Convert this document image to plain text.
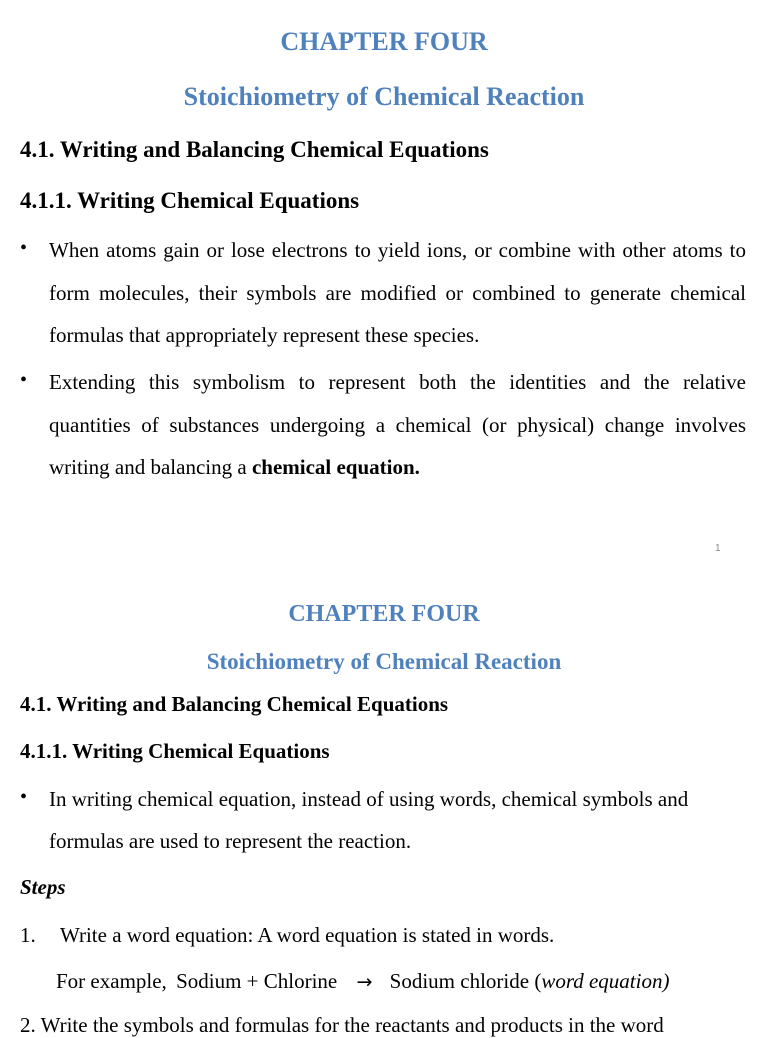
CHAPTER FOUR
Stoichiometry of Chemical Reaction
4.1. Writing and Balancing Chemical Equations
4.1.1. Writing Chemical Equations
• When atoms gain or lose electrons to yield ions, or combine with other atoms to form molecules, their symbols are modified or combined to generate chemical formulas that appropriately represent these species.
• Extending this symbolism to represent both the identities and the relative quantities of substances undergoing a chemical (or physical) change involves writing and balancing a chemical equation.
1
CHAPTER FOUR
Stoichiometry of Chemical Reaction
4.1. Writing and Balancing Chemical Equations
4.1.1. Writing Chemical Equations
• In writing chemical equation, instead of using words, chemical symbols and formulas are used to represent the reaction.
Steps
1. Write a word equation: A word equation is stated in words.
For example, Sodium + Chlorine → Sodium chloride (word equation)
2. Write the symbols and formulas for the reactants and products in the word
